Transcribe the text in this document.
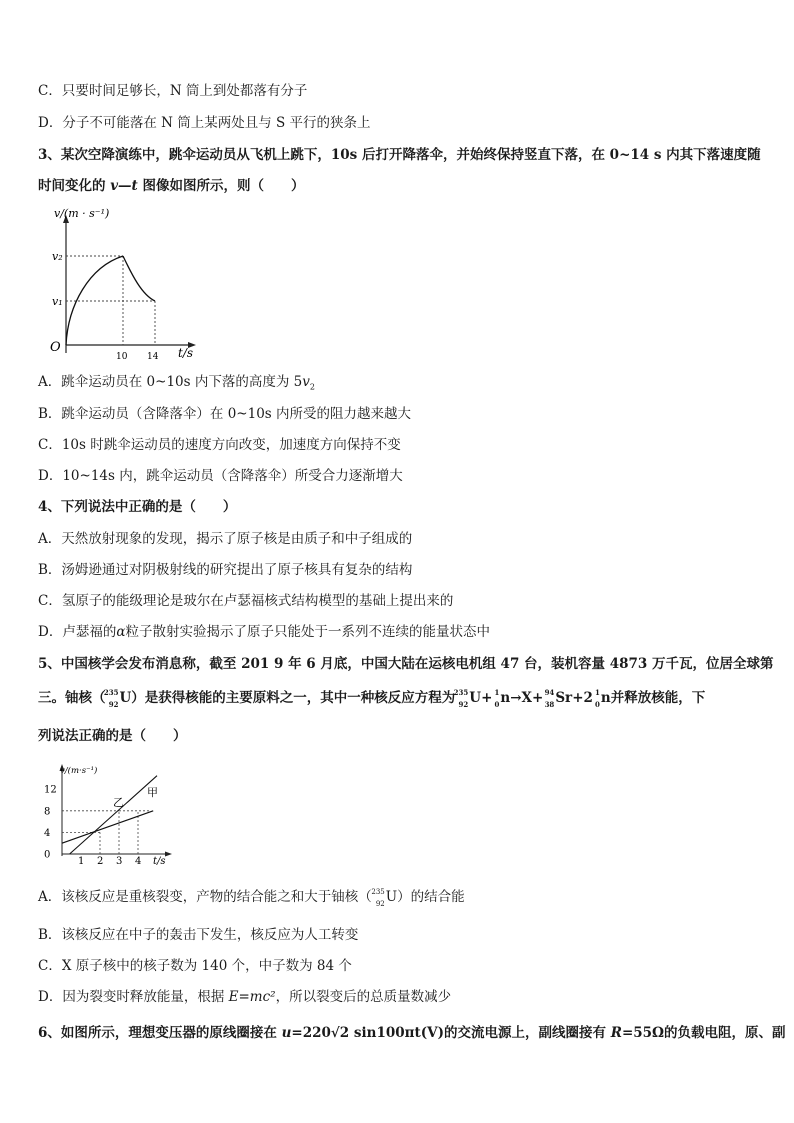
C．只要时间足够长，N 筒上到处都落有分子
D．分子不可能落在 N 筒上某两处且与 S 平行的狭条上
3、某次空降演练中，跳伞运动员从飞机上跳下，10s 后打开降落伞，并始终保持竖直下落，在 0~14 s 内其下落速度随
时间变化的 v—t 图像如图所示，则（　　）
v/(m · s⁻¹)
t/s
O
v₂
v₁
10 14
A．跳伞运动员在 0~10s 内下落的高度为 $5v_2$
B．跳伞运动员（含降落伞）在 0~10s 内所受的阻力越来越大
C．10s 时跳伞运动员的速度方向改变，加速度方向保持不变
D．10~14s 内，跳伞运动员（含降落伞）所受合力逐渐增大
4、下列说法中正确的是（　　）
A．天然放射现象的发现，揭示了原子核是由质子和中子组成的
B．汤姆逊通过对阴极射线的研究提出了原子核具有复杂的结构
C．氢原子的能级理论是玻尔在卢瑟福核式结构模型的基础上提出来的
D．卢瑟福的α粒子散射实验揭示了原子只能处于一系列不连续的能量状态中
5、中国核学会发布消息称，截至 201 9 年 6 月底，中国大陆在运核电机组 47 台，装机容量 4873 万千瓦，位居全球第
三。铀核（
235
92 U）是获得核能的主要原料之一，其中一种核反应方程为
235
92 U+ 1
0 n→X+ 94
38 Sr+2 1
0 n并释放核能，下
列说法正确的是（　　）
v/(m·s⁻¹)
t/s
0
4
8
12
1 2 3 4
甲
乙
A．该核反应是重核裂变，产物的结合能之和大于铀核（ 235
92 U）的结合能
B．该核反应在中子的轰击下发生，核反应为人工转变
C．X 原子核中的核子数为 140 个，中子数为 84 个
D．因为裂变时释放能量，根据 E=mc²，所以裂变后的总质量数减少
6、如图所示，理想变压器的原线圈接在 u=220√2 sin100πt(V)的交流电源上，副线圈接有 R=55Ω的负载电阻，原、副
